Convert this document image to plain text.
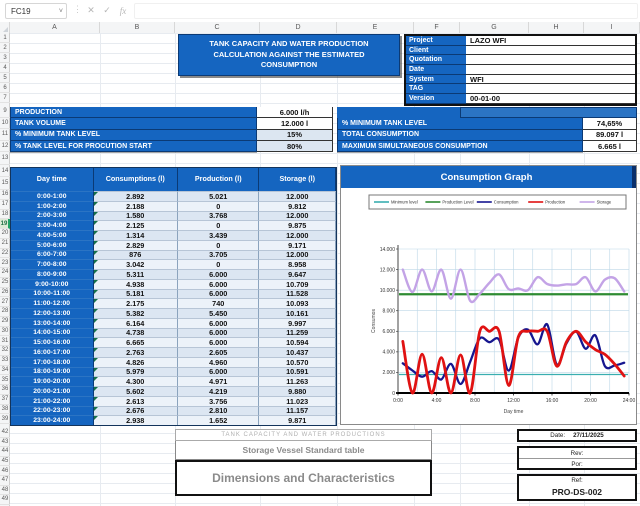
FC19	˅ ⋮ ✕ ✓ fx
A	B	C	D	E	F	G	H	I
1
2
3
4
5
6
7
9
10
11
12
13
14
15
16
17
18
19
20
21
22
23
24
25
26
27
28
29
30
31
32
33
34
35
36
37
38
39
42
43
44
45
46
47
48
49
TANK CAPACITY AND WATER PRODUCTION
CALCULATION AGAINST THE ESTIMATED
CONSUMPTION
Project	LAZO WFI
Client
Quotation
Date
System	WFI
TAG
Version	00-01-00
Day time	Consumptions (l)	Production (l)	Storage (l)
0:00-1:00	2.892	5.021	12.000
1:00-2:00	2.188	0	9.812
2:00-3:00	1.580	3.768	12.000
3:00-4:00	2.125	0	9.875
4:00-5:00	1.314	3.439	12.000
5:00-6:00	2.829	0	9.171
6:00-7:00	876	3.705	12.000
7:00-8:00	3.042	0	8.958
8:00-9:00	5.311	6.000	9.647
9:00-10:00	4.938	6.000	10.709
10:00-11:00	5.181	6.000	11.528
11:00-12:00	2.175	740	10.093
12:00-13:00	5.382	5.450	10.161
13:00-14:00	6.164	6.000	9.997
14:00-15:00	4.738	6.000	11.259
15:00-16:00	6.665	6.000	10.594
16:00-17:00	2.763	2.605	10.437
17:00-18:00	4.826	4.960	10.570
18:00-19:00	5.979	6.000	10.591
19:00-20:00	4.300	4.971	11.263
20:00-21:00	5.602	4.219	9.880
21:00-22:00	2.613	3.756	11.023
22:00-23:00	2.676	2.810	11.157
23:00-24:00	2.938	1.652	9.871
Consumption Graph
0
2.000
4.000
6.000
8.000
10.000
12.000
14.000
0:00	4:00	8:00	12:00	16:00	20:00	24:00
Consumos
Day time
Minimum level	Production Level	Consumption	Production	Storage
TANK CAPACITY AND WATER PRODUCTIONS
Storage Vessel Standard table
Dimensions and Characteristics
Date: 27/11/2025
Rev:
Por:
Ref:
PRO-DS-002
PRODUCTION	6.000 l/h
TANK VOLUME	12.000 l
% MINIMUM TANK LEVEL	15%
% TANK LEVEL FOR PROCUTION START	80%
% MINIMUM TANK LEVEL	74,65%
TOTAL CONSUMPTION	89.097 l
MAXIMUM SIMULTANEOUS CONSUMPTION	6.665 l
